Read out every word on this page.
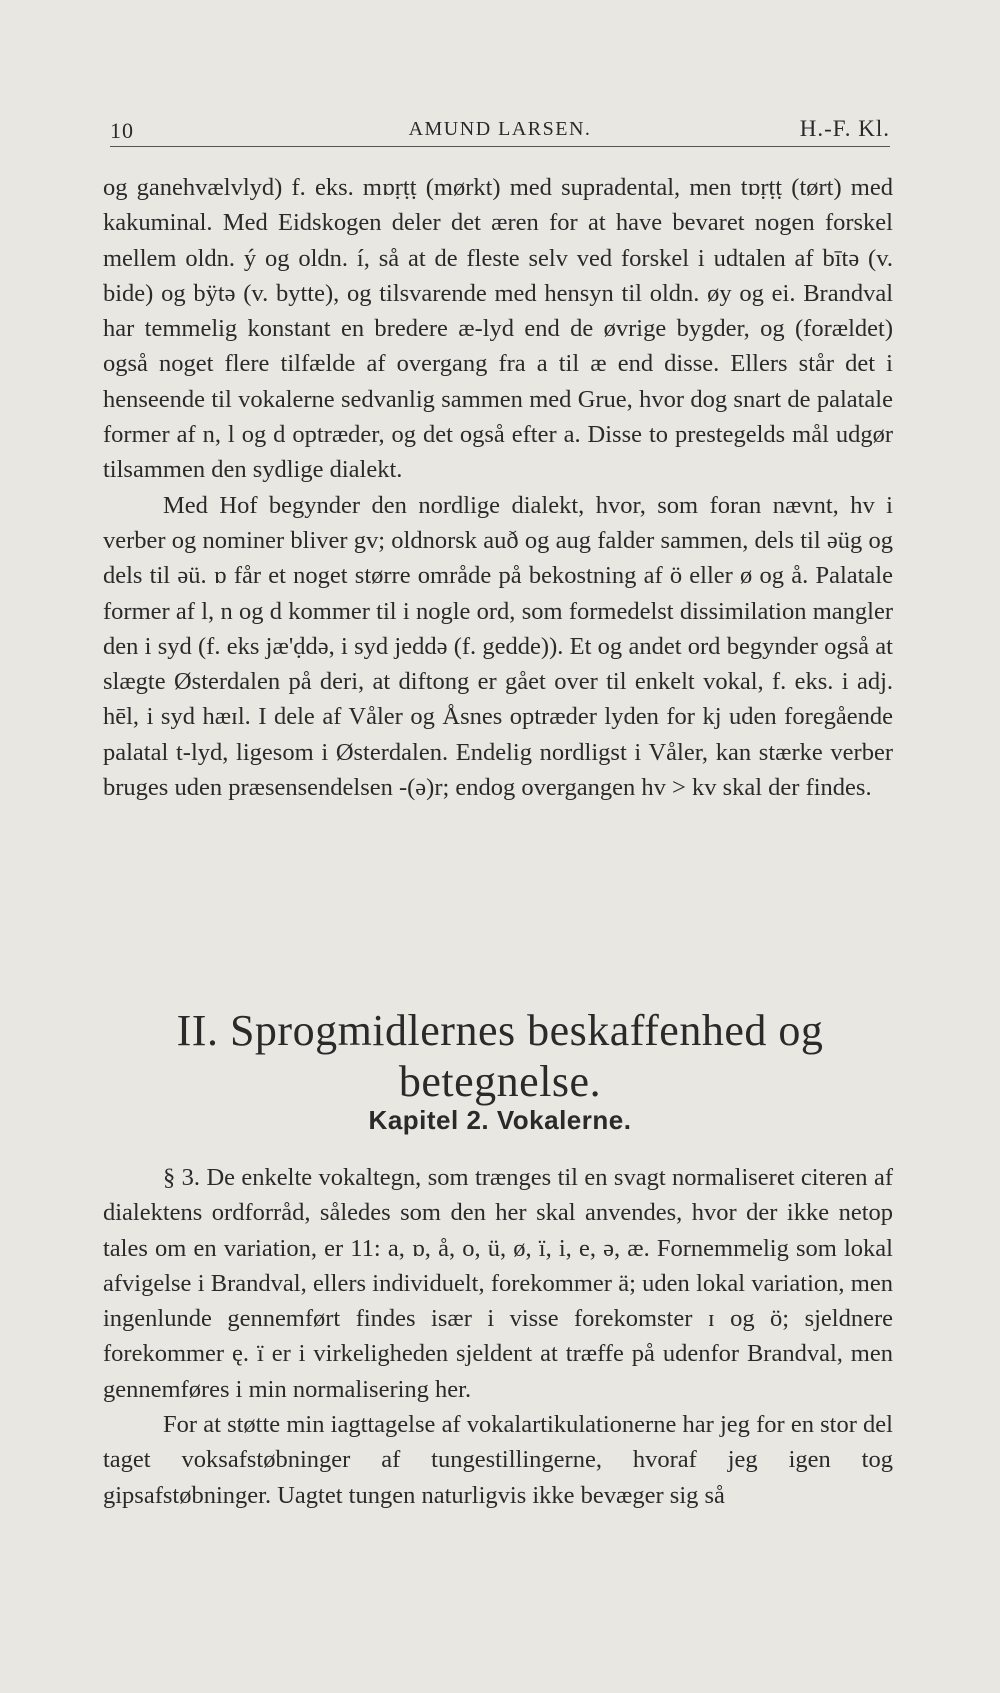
10	AMUND LARSEN.	H.-F. Kl.

og ganehvælvlyd) f. eks. mɒṛṭṭ (mørkt) med supradental, men tɒṛṭṭ (tørt) med kakuminal. Med Eidskogen deler det æren for at have bevaret nogen forskel mellem oldn. ý og oldn. í, så at de fleste selv ved forskel i udtalen af bītə (v. bide) og bÿtə (v. bytte), og tilsvarende med hensyn til oldn. øy og ei. Brandval har temmelig konstant en bredere æ-lyd end de øvrige bygder, og (forældet) også noget flere tilfælde af overgang fra a til æ end disse. Ellers står det i henseende til vokalerne sedvanlig sammen med Grue, hvor dog snart de palatale former af n, l og d optræder, og det også efter a. Disse to prestegelds mål udgør tilsammen den sydlige dialekt.

Med Hof begynder den nordlige dialekt, hvor, som foran nævnt, hv i verber og nominer bliver gv; oldnorsk auð og aug falder sammen, dels til əüg og dels til əü. ɒ får et noget større område på bekostning af ö eller ø og å. Palatale former af l, n og d kommer til i nogle ord, som formedelst dissimilation mangler den i syd (f. eks jæ'ḍdə, i syd jeddə (f. gedde)). Et og andet ord begynder også at slægte Østerdalen på deri, at diftong er gået over til enkelt vokal, f. eks. i adj. hēl, i syd hæɪl. I dele af Våler og Åsnes optræder lyden for kj uden foregående palatal t-lyd, ligesom i Østerdalen. Endelig nordligst i Våler, kan stærke verber bruges uden præsensendelsen -(ə)r; endog overgangen hv > kv skal der findes.

II. Sprogmidlernes beskaffenhed og betegnelse.
Kapitel 2. Vokalerne.

§ 3. De enkelte vokaltegn, som trænges til en svagt normaliseret citeren af dialektens ordforråd, således som den her skal anvendes, hvor der ikke netop tales om en variation, er 11: a, ɒ, å, o, ü, ø, ï, i, e, ə, æ. Fornemmelig som lokal afvigelse i Brandval, ellers individuelt, forekommer ä; uden lokal variation, men ingenlunde gennemført findes især i visse forekomster ɪ og ö; sjeldnere forekommer ę. ï er i virkeligheden sjeldent at træffe på udenfor Brandval, men gennemføres i min normalisering her.

For at støtte min iagttagelse af vokalartikulationerne har jeg for en stor del taget voksafstøbninger af tungestillingerne, hvoraf jeg igen tog gipsafstøbninger. Uagtet tungen naturligvis ikke bevæger sig så
